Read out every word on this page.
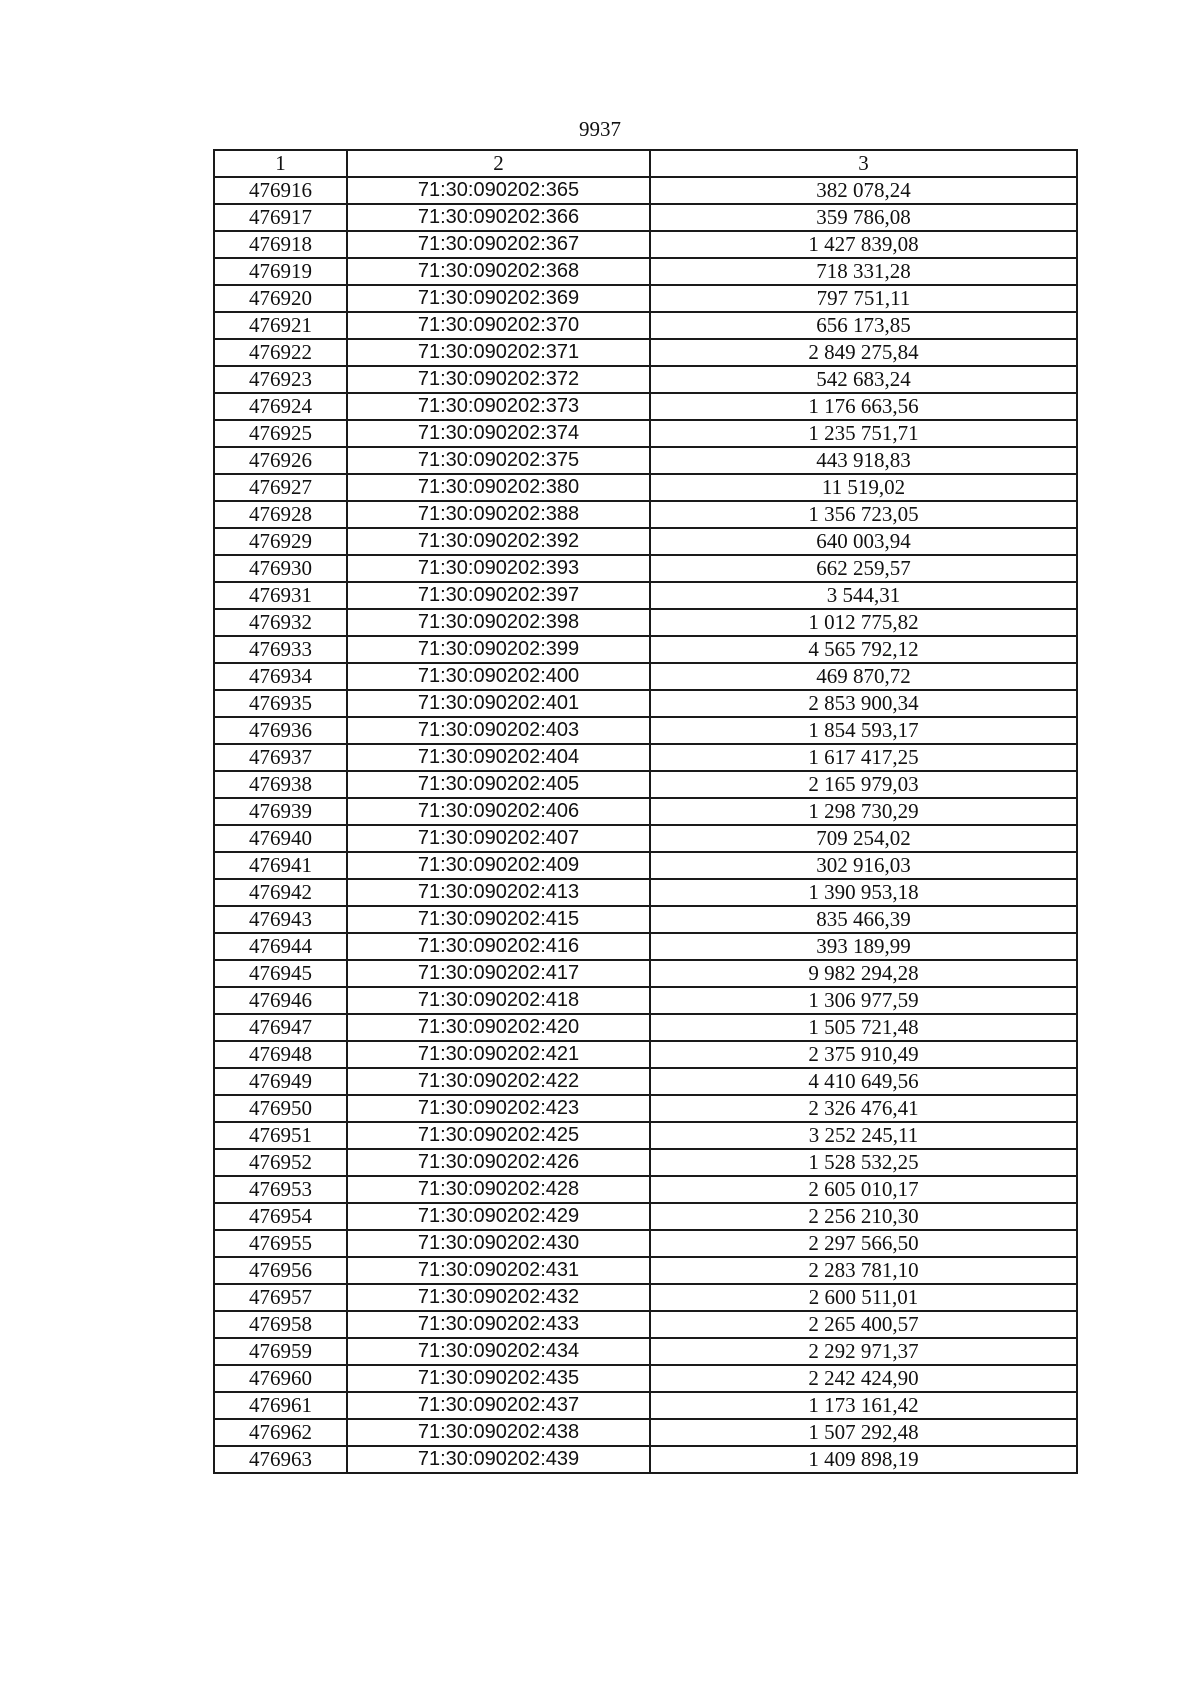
9937
1	2	3
476916	71:30:090202:365	382 078,24
476917	71:30:090202:366	359 786,08
476918	71:30:090202:367	1 427 839,08
476919	71:30:090202:368	718 331,28
476920	71:30:090202:369	797 751,11
476921	71:30:090202:370	656 173,85
476922	71:30:090202:371	2 849 275,84
476923	71:30:090202:372	542 683,24
476924	71:30:090202:373	1 176 663,56
476925	71:30:090202:374	1 235 751,71
476926	71:30:090202:375	443 918,83
476927	71:30:090202:380	11 519,02
476928	71:30:090202:388	1 356 723,05
476929	71:30:090202:392	640 003,94
476930	71:30:090202:393	662 259,57
476931	71:30:090202:397	3 544,31
476932	71:30:090202:398	1 012 775,82
476933	71:30:090202:399	4 565 792,12
476934	71:30:090202:400	469 870,72
476935	71:30:090202:401	2 853 900,34
476936	71:30:090202:403	1 854 593,17
476937	71:30:090202:404	1 617 417,25
476938	71:30:090202:405	2 165 979,03
476939	71:30:090202:406	1 298 730,29
476940	71:30:090202:407	709 254,02
476941	71:30:090202:409	302 916,03
476942	71:30:090202:413	1 390 953,18
476943	71:30:090202:415	835 466,39
476944	71:30:090202:416	393 189,99
476945	71:30:090202:417	9 982 294,28
476946	71:30:090202:418	1 306 977,59
476947	71:30:090202:420	1 505 721,48
476948	71:30:090202:421	2 375 910,49
476949	71:30:090202:422	4 410 649,56
476950	71:30:090202:423	2 326 476,41
476951	71:30:090202:425	3 252 245,11
476952	71:30:090202:426	1 528 532,25
476953	71:30:090202:428	2 605 010,17
476954	71:30:090202:429	2 256 210,30
476955	71:30:090202:430	2 297 566,50
476956	71:30:090202:431	2 283 781,10
476957	71:30:090202:432	2 600 511,01
476958	71:30:090202:433	2 265 400,57
476959	71:30:090202:434	2 292 971,37
476960	71:30:090202:435	2 242 424,90
476961	71:30:090202:437	1 173 161,42
476962	71:30:090202:438	1 507 292,48
476963	71:30:090202:439	1 409 898,19
